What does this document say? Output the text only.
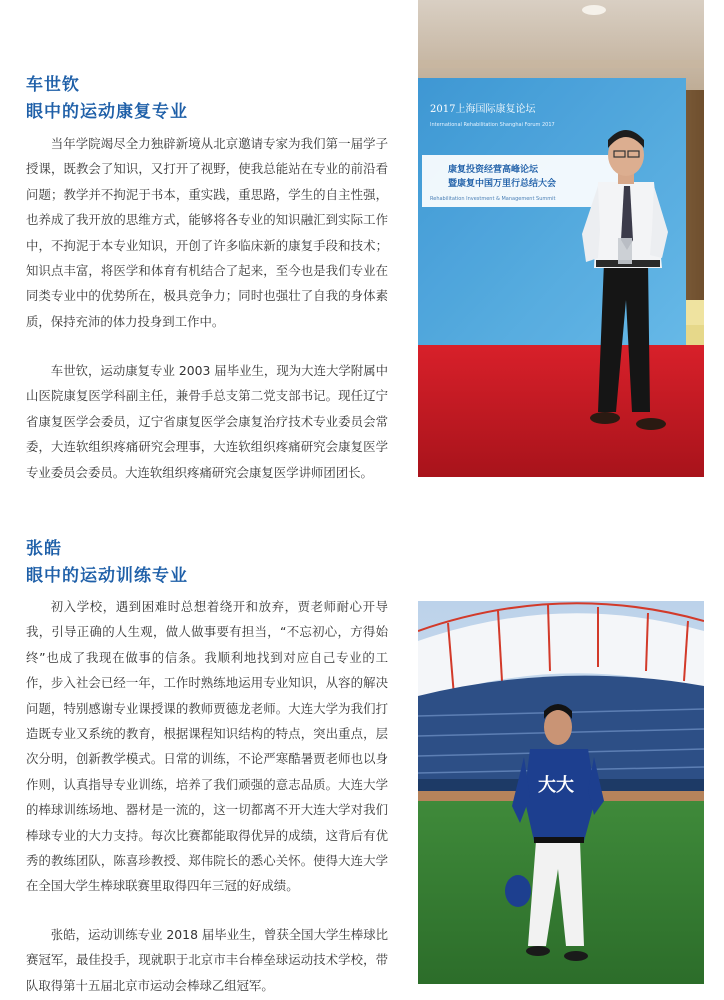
车世钦
眼中的运动康复专业

当年学院竭尽全力独辟新境从北京邀请专家为我们第一届学子授课，既教会了知识，又打开了视野，使我总能站在专业的前沿看问题；教学并不拘泥于书本，重实践，重思路，学生的自主性强，也养成了我开放的思维方式，能够将各专业的知识融汇到实际工作中，不拘泥于本专业知识，开创了许多临床新的康复手段和技术；知识点丰富，将医学和体育有机结合了起来，至今也是我们专业在同类专业中的优势所在，极具竞争力；同时也强壮了自我的身体素质，保持充沛的体力投身到工作中。

车世钦，运动康复专业 2003 届毕业生，现为大连大学附属中山医院康复医学科副主任，兼骨手总支第二党支部书记。现任辽宁省康复医学会委员，辽宁省康复医学会康复治疗技术专业委员会常委，大连软组织疼痛研究会理事，大连软组织疼痛研究会康复医学专业委员会委员。大连软组织疼痛研究会康复医学讲师团团长。

2017上海国际康复论坛
International Rehabilitation Shanghai Forum 2017
康复投资经营高峰论坛
暨康复中国万里行总结大会
Rehabilitation Investment & Management Summit
张皓
眼中的运动训练专业

初入学校，遇到困难时总想着绕开和放弃，贾老师耐心开导我，引导正确的人生观，做人做事要有担当，“不忘初心，方得始终”也成了我现在做事的信条。我顺利地找到对应自己专业的工作，步入社会已经一年，工作时熟练地运用专业知识，从容的解决问题，特别感谢专业课授课的教师贾德龙老师。大连大学为我们打造既专业又系统的教育，根据课程知识结构的特点，突出重点，层次分明，创新教学模式。日常的训练，不论严寒酷暑贾老师也以身作则，认真指导专业训练，培养了我们顽强的意志品质。大连大学的棒球训练场地、器材是一流的，这一切都离不开大连大学对我们棒球专业的大力支持。每次比赛都能取得优异的成绩，这背后有优秀的教练团队，陈喜珍教授、郑伟院长的悉心关怀。使得大连大学在全国大学生棒球联赛里取得四年三冠的好成绩。

张皓，运动训练专业 2018 届毕业生，曾获全国大学生棒球比赛冠军，最佳投手，现就职于北京市丰台棒垒球运动技术学校，带队取得第十五届北京市运动会棒球乙组冠军。

大大
